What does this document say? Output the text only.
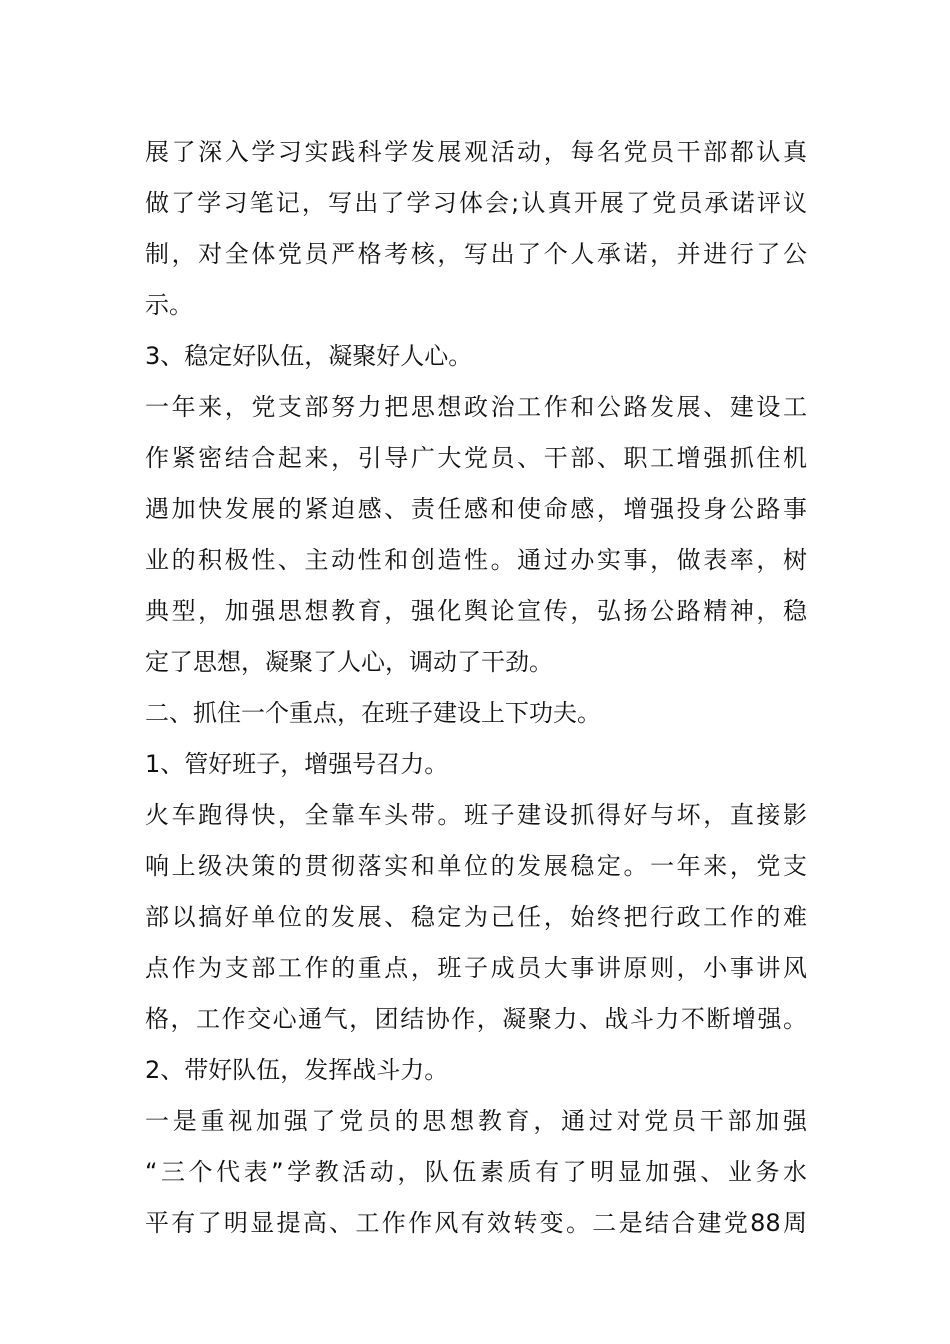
展了深入学习实践科学发展观活动，每名党员干部都认真
做了学习笔记，写出了学习体会;认真开展了党员承诺评议
制，对全体党员严格考核，写出了个人承诺，并进行了公
示。
3、稳定好队伍，凝聚好人心。
一年来，党支部努力把思想政治工作和公路发展、建设工
作紧密结合起来，引导广大党员、干部、职工增强抓住机
遇加快发展的紧迫感、责任感和使命感，增强投身公路事
业的积极性、主动性和创造性。通过办实事，做表率，树
典型，加强思想教育，强化舆论宣传，弘扬公路精神，稳
定了思想，凝聚了人心，调动了干劲。
二、抓住一个重点，在班子建设上下功夫。
1、管好班子，增强号召力。
火车跑得快，全靠车头带。班子建设抓得好与坏，直接影
响上级决策的贯彻落实和单位的发展稳定。一年来，党支
部以搞好单位的发展、稳定为己任，始终把行政工作的难
点作为支部工作的重点，班子成员大事讲原则，小事讲风
格，工作交心通气，团结协作，凝聚力、战斗力不断增强。
2、带好队伍，发挥战斗力。
一是重视加强了党员的思想教育，通过对党员干部加强
“三个代表”学教活动，队伍素质有了明显加强、业务水
平有了明显提高、工作作风有效转变。二是结合建党88周
